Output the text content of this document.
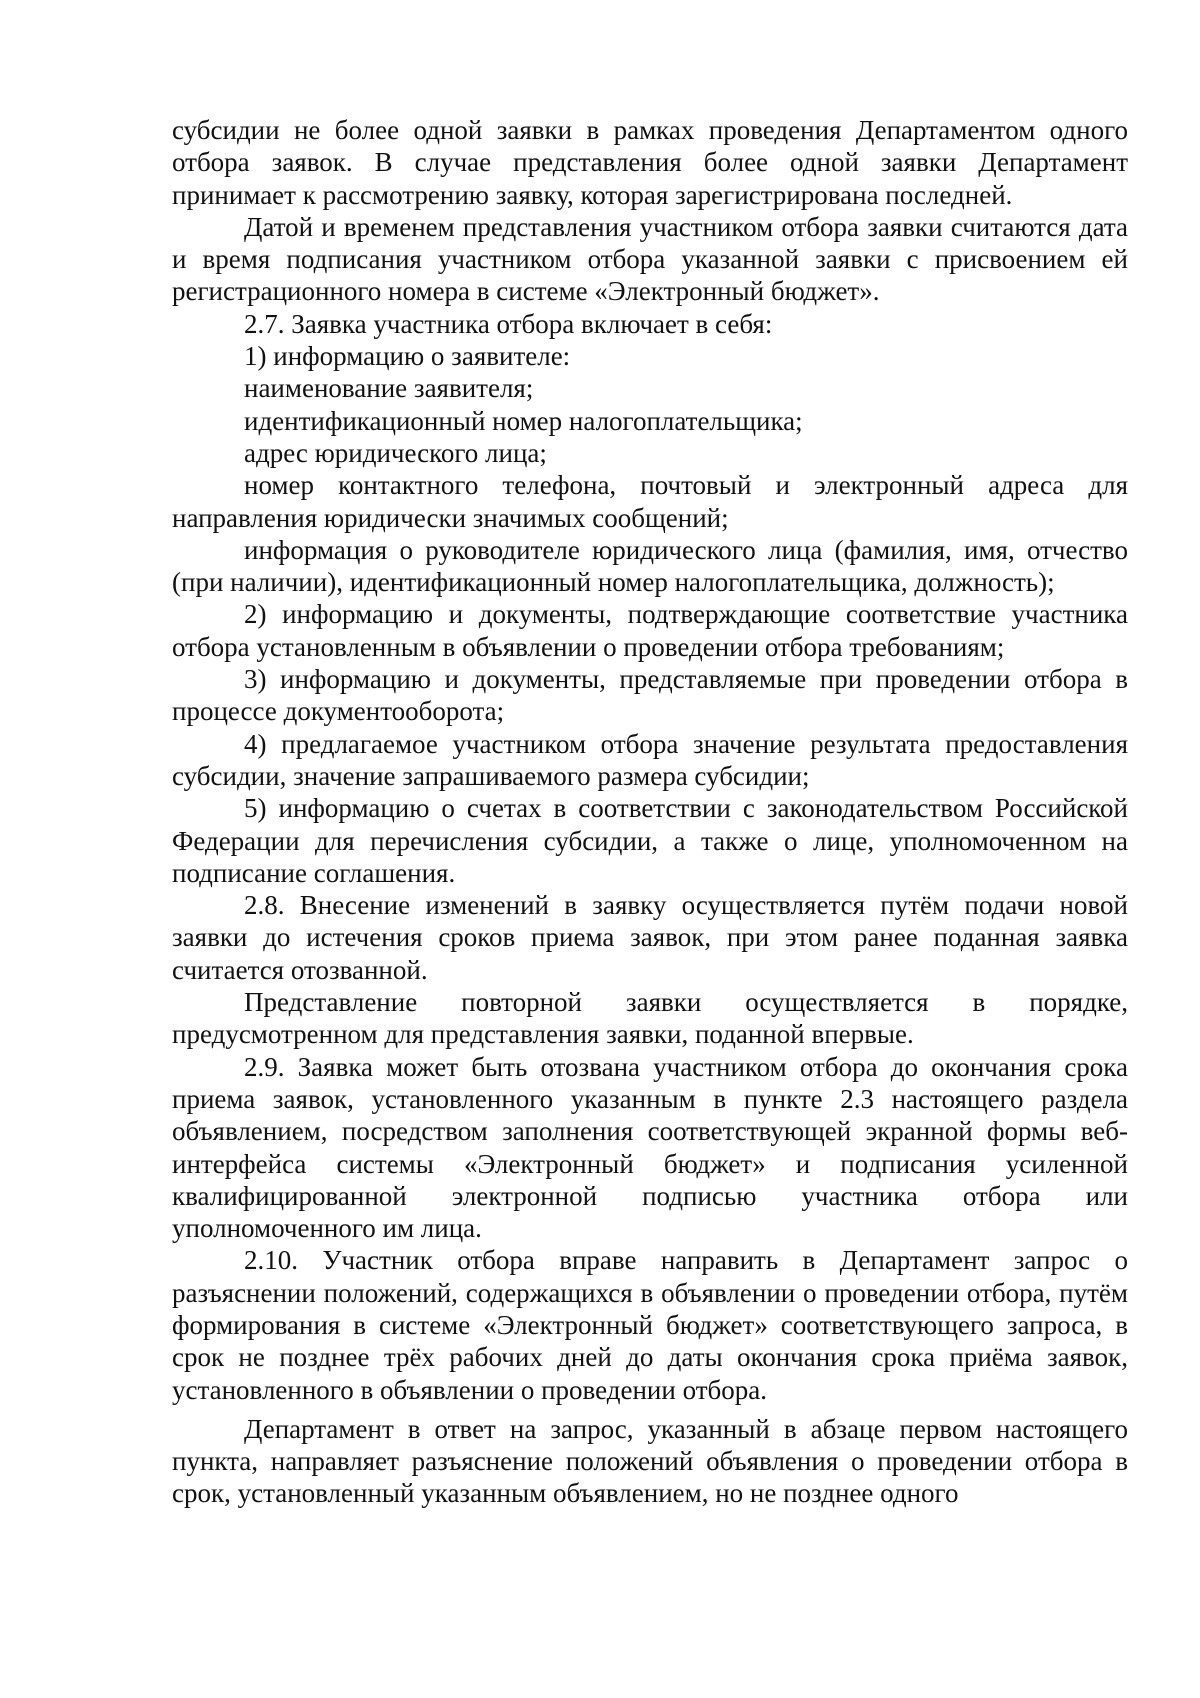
субсидии не более одной заявки в рамках проведения Департаментом одного отбора заявок. В случае представления более одной заявки Департамент принимает к рассмотрению заявку, которая зарегистрирована последней.

Датой и временем представления участником отбора заявки считаются дата и время подписания участником отбора указанной заявки с присвоением ей регистрационного номера в системе «Электронный бюджет».

2.7. Заявка участника отбора включает в себя:

1) информацию о заявителе:

наименование заявителя;

идентификационный номер налогоплательщика;

адрес юридического лица;

номер контактного телефона, почтовый и электронный адреса для направления юридически значимых сообщений;

информация о руководителе юридического лица (фамилия, имя, отчество (при наличии), идентификационный номер налогоплательщика, должность);

2) информацию и документы, подтверждающие соответствие участника отбора установленным в объявлении о проведении отбора требованиям;

3) информацию и документы, представляемые при проведении отбора в процессе документооборота;

4) предлагаемое участником отбора значение результата предоставления субсидии, значение запрашиваемого размера субсидии;

5) информацию о счетах в соответствии с законодательством Российской Федерации для перечисления субсидии, а также о лице, уполномоченном на подписание соглашения.

2.8. Внесение изменений в заявку осуществляется путём подачи новой заявки до истечения сроков приема заявок, при этом ранее поданная заявка считается отозванной.

Представление повторной заявки осуществляется в порядке, предусмотренном для представления заявки, поданной впервые.

2.9. Заявка может быть отозвана участником отбора до окончания срока приема заявок, установленного указанным в пункте 2.3 настоящего раздела объявлением, посредством заполнения соответствующей экранной формы веб-интерфейса системы «Электронный бюджет» и подписания усиленной квалифицированной электронной подписью участника отбора или уполномоченного им лица.

2.10. Участник отбора вправе направить в Департамент запрос о разъяснении положений, содержащихся в объявлении о проведении отбора, путём формирования в системе «Электронный бюджет» соответствующего запроса, в срок не позднее трёх рабочих дней до даты окончания срока приёма заявок, установленного в объявлении о проведении отбора.

Департамент в ответ на запрос, указанный в абзаце первом настоящего пункта, направляет разъяснение положений объявления о проведении отбора в срок, установленный указанным объявлением, но не позднее одного
